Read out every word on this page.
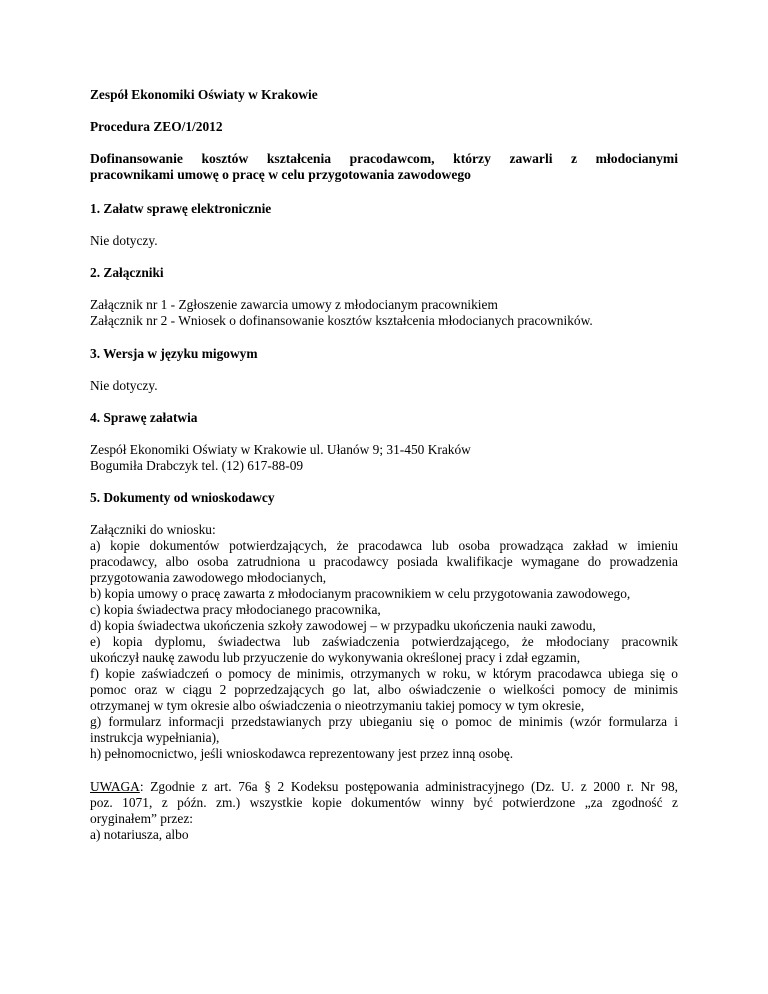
Zespół Ekonomiki Oświaty w Krakowie
Procedura ZEO/1/2012
Dofinansowanie kosztów kształcenia pracodawcom, którzy zawarli z młodocianymi
pracownikami umowę o pracę w celu przygotowania zawodowego
1. Załatw sprawę elektronicznie
Nie dotyczy.
2. Załączniki
Załącznik nr 1 - Zgłoszenie zawarcia umowy z młodocianym pracownikiem
Załącznik nr 2 - Wniosek o dofinansowanie kosztów kształcenia młodocianych pracowników.
3. Wersja w języku migowym
Nie dotyczy.
4. Sprawę załatwia
Zespół Ekonomiki Oświaty w Krakowie ul. Ułanów 9; 31-450 Kraków
Bogumiła Drabczyk tel. (12) 617-88-09
5. Dokumenty od wnioskodawcy
Załączniki do wniosku:
a) kopie dokumentów potwierdzających, że pracodawca lub osoba prowadząca zakład w imieniu
pracodawcy, albo osoba zatrudniona u pracodawcy posiada kwalifikacje wymagane do prowadzenia
przygotowania zawodowego młodocianych,
b) kopia umowy o pracę zawarta z młodocianym pracownikiem w celu przygotowania zawodowego,
c) kopia świadectwa pracy młodocianego pracownika,
d) kopia świadectwa ukończenia szkoły zawodowej – w przypadku ukończenia nauki zawodu,
e) kopia dyplomu, świadectwa lub zaświadczenia potwierdzającego, że młodociany pracownik
ukończył naukę zawodu lub przyuczenie do wykonywania określonej pracy i zdał egzamin,
f) kopie zaświadczeń o pomocy de minimis, otrzymanych w roku, w którym pracodawca ubiega się o
pomoc oraz w ciągu 2 poprzedzających go lat, albo oświadczenie o wielkości pomocy de minimis
otrzymanej w tym okresie albo oświadczenia o nieotrzymaniu takiej pomocy w tym okresie,
g) formularz informacji przedstawianych przy ubieganiu się o pomoc de minimis (wzór formularza i
instrukcja wypełniania),
h) pełnomocnictwo, jeśli wnioskodawca reprezentowany jest przez inną osobę.
UWAGA: Zgodnie z art. 76a § 2 Kodeksu postępowania administracyjnego (Dz. U. z 2000 r. Nr 98,
poz. 1071, z późn. zm.) wszystkie kopie dokumentów winny być potwierdzone „za zgodność z
oryginałem” przez:
a) notariusza, albo
